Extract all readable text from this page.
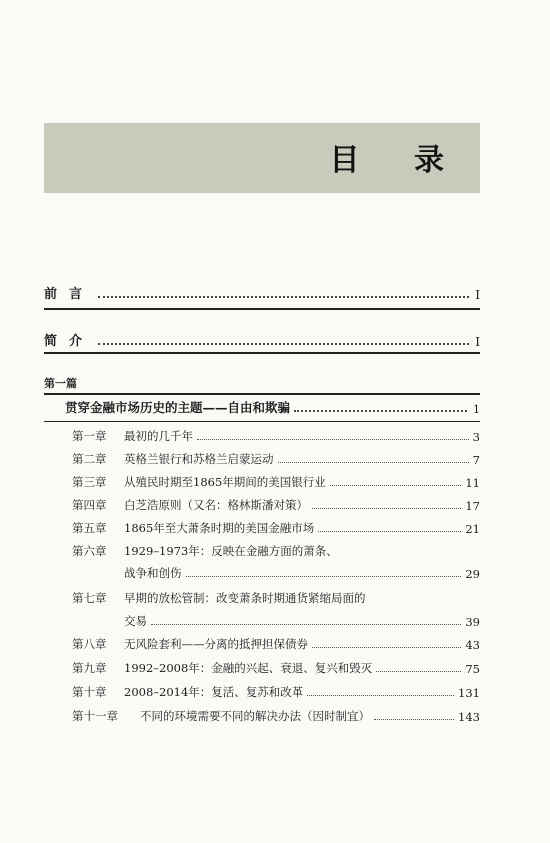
目 录
前言	I
简介	I
第一篇
贯穿金融市场历史的主题——自由和欺骗	1
第一章	最初的几千年	3
第二章	英格兰银行和苏格兰启蒙运动	7
第三章	从殖民时期至1865年期间的美国银行业	11
第四章	白芝浩原则（又名：格林斯潘对策）	17
第五章	1865年至大萧条时期的美国金融市场	21
第六章	1929–1973年：反映在金融方面的萧条、
战争和创伤	29
第七章	早期的放松管制：改变萧条时期通货紧缩局面的
交易	39
第八章	无风险套利——分离的抵押担保债券	43
第九章	1992–2008年：金融的兴起、衰退、复兴和毁灭	75
第十章	2008–2014年：复活、复苏和改革	131
第十一章	不同的环境需要不同的解决办法（因时制宜）	143
